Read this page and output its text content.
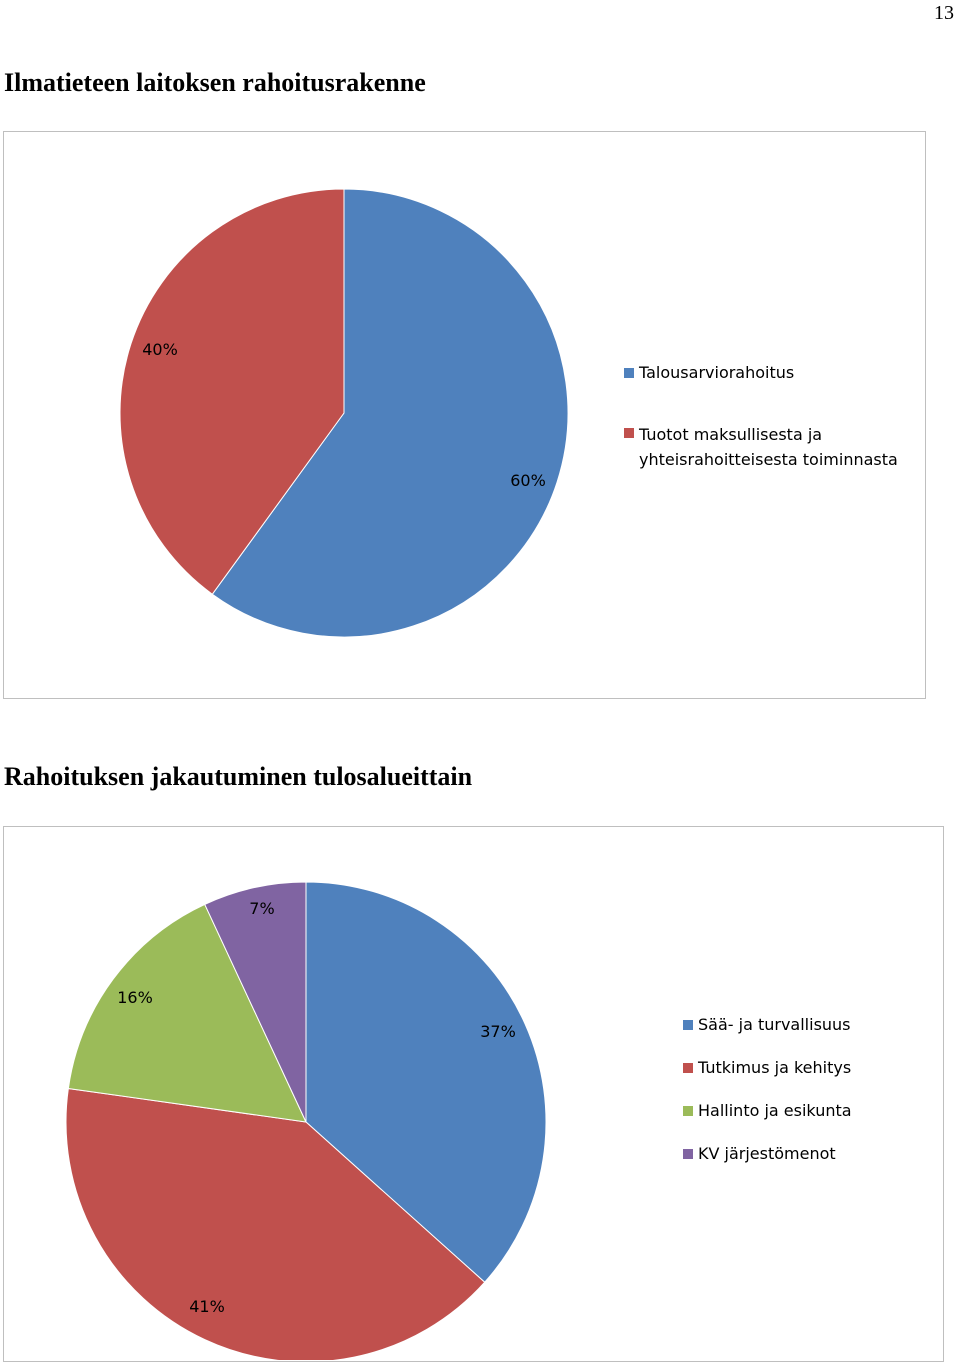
13
Ilmatieteen laitoksen rahoitusrakenne
60%
40%
Talousarviorahoitus
Tuotot maksullisesta ja yhteisrahoitteisesta toiminnasta
Rahoituksen jakautuminen tulosalueittain
37%
41%
16%
7%
Sää- ja turvallisuus
Tutkimus ja kehitys
Hallinto ja esikunta
KV järjestömenot
